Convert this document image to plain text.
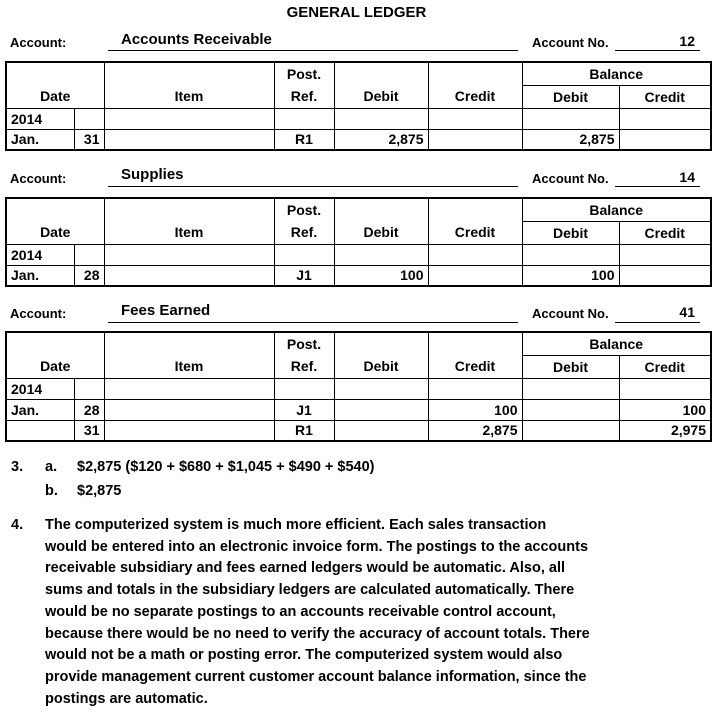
GENERAL LEDGER
Account:	Accounts Receivable	Account No.	12
			Post.			Balance	
Date		Item	Ref.	Debit	Credit	Debit	Credit
2014							
Jan.	31		R1	2,875		2,875	
Account:	Supplies	Account No.	14
			Post.			Balance	
Date		Item	Ref.	Debit	Credit	Debit	Credit
2014							
Jan.	28		J1	100		100	
Account:	Fees Earned	Account No.	41
			Post.			Balance	
Date		Item	Ref.	Debit	Credit	Debit	Credit
2014							
Jan.	28		J1		100		100
	31		R1		2,875		2,975
3. a. $2,875 ($120 + $680 + $1,045 + $490 + $540)
b. $2,875
4. The computerized system is much more efficient. Each sales transaction
would be entered into an electronic invoice form. The postings to the accounts
receivable subsidiary and fees earned ledgers would be automatic. Also, all
sums and totals in the subsidiary ledgers are calculated automatically. There
would be no separate postings to an accounts receivable control account,
because there would be no need to verify the accuracy of account totals. There
would not be a math or posting error. The computerized system would also
provide management current customer account balance information, since the
postings are automatic.
